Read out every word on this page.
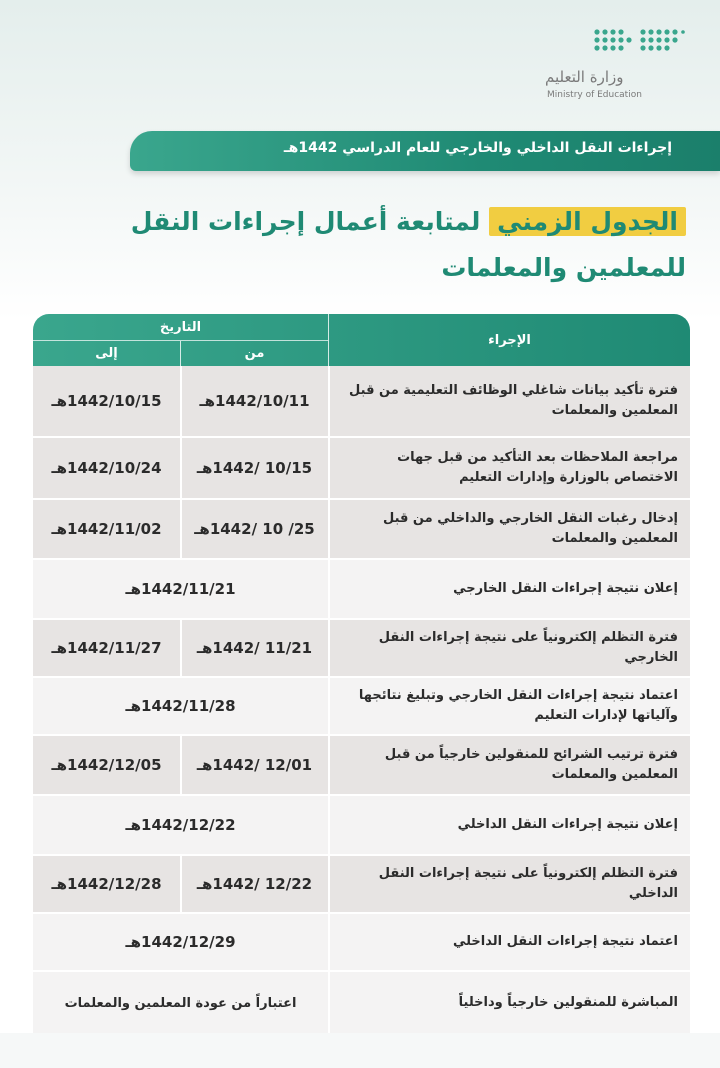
وزارة التعليم
Ministry of Education
إجراءات النقل الداخلي والخارجي للعام الدراسي 1442هـ
الجدول الزمني لمتابعة أعمال إجراءات النقل
للمعلمين والمعلمات
الإجراء
التاريخ
من
إلى
فترة تأكيد بيانات شاغلي الوظائف التعليمية من قبل المعلمين والمعلمات
1442/10/11هـ
1442/10/15هـ
مراجعة الملاحظات بعد التأكيد من قبل جهات الاختصاص بالوزارة وإدارات التعليم
10/15 /1442هـ
1442/10/24هـ
إدخال رغبات النقل الخارجي والداخلي من قبل المعلمين والمعلمات
25/ 10 /1442هـ
1442/11/02هـ
إعلان نتيجة إجراءات النقل الخارجي
1442/11/21هـ
فترة التظلم إلكترونياً على نتيجة إجراءات النقل الخارجي
11/21 /1442هـ
1442/11/27هـ
اعتماد نتيجة إجراءات النقل الخارجي وتبليغ نتائجها وآلياتها لإدارات التعليم
1442/11/28هـ
فترة ترتيب الشرائح للمنقولين خارجياً من قبل المعلمين والمعلمات
12/01 /1442هـ
1442/12/05هـ
إعلان نتيجة إجراءات النقل الداخلي
1442/12/22هـ
فترة التظلم إلكترونياً على نتيجة إجراءات النقل الداخلي
12/22 /1442هـ
1442/12/28هـ
اعتماد نتيجة إجراءات النقل الداخلي
1442/12/29هـ
المباشرة للمنقولين خارجياً وداخلياً
اعتباراً من عودة المعلمين والمعلمات
